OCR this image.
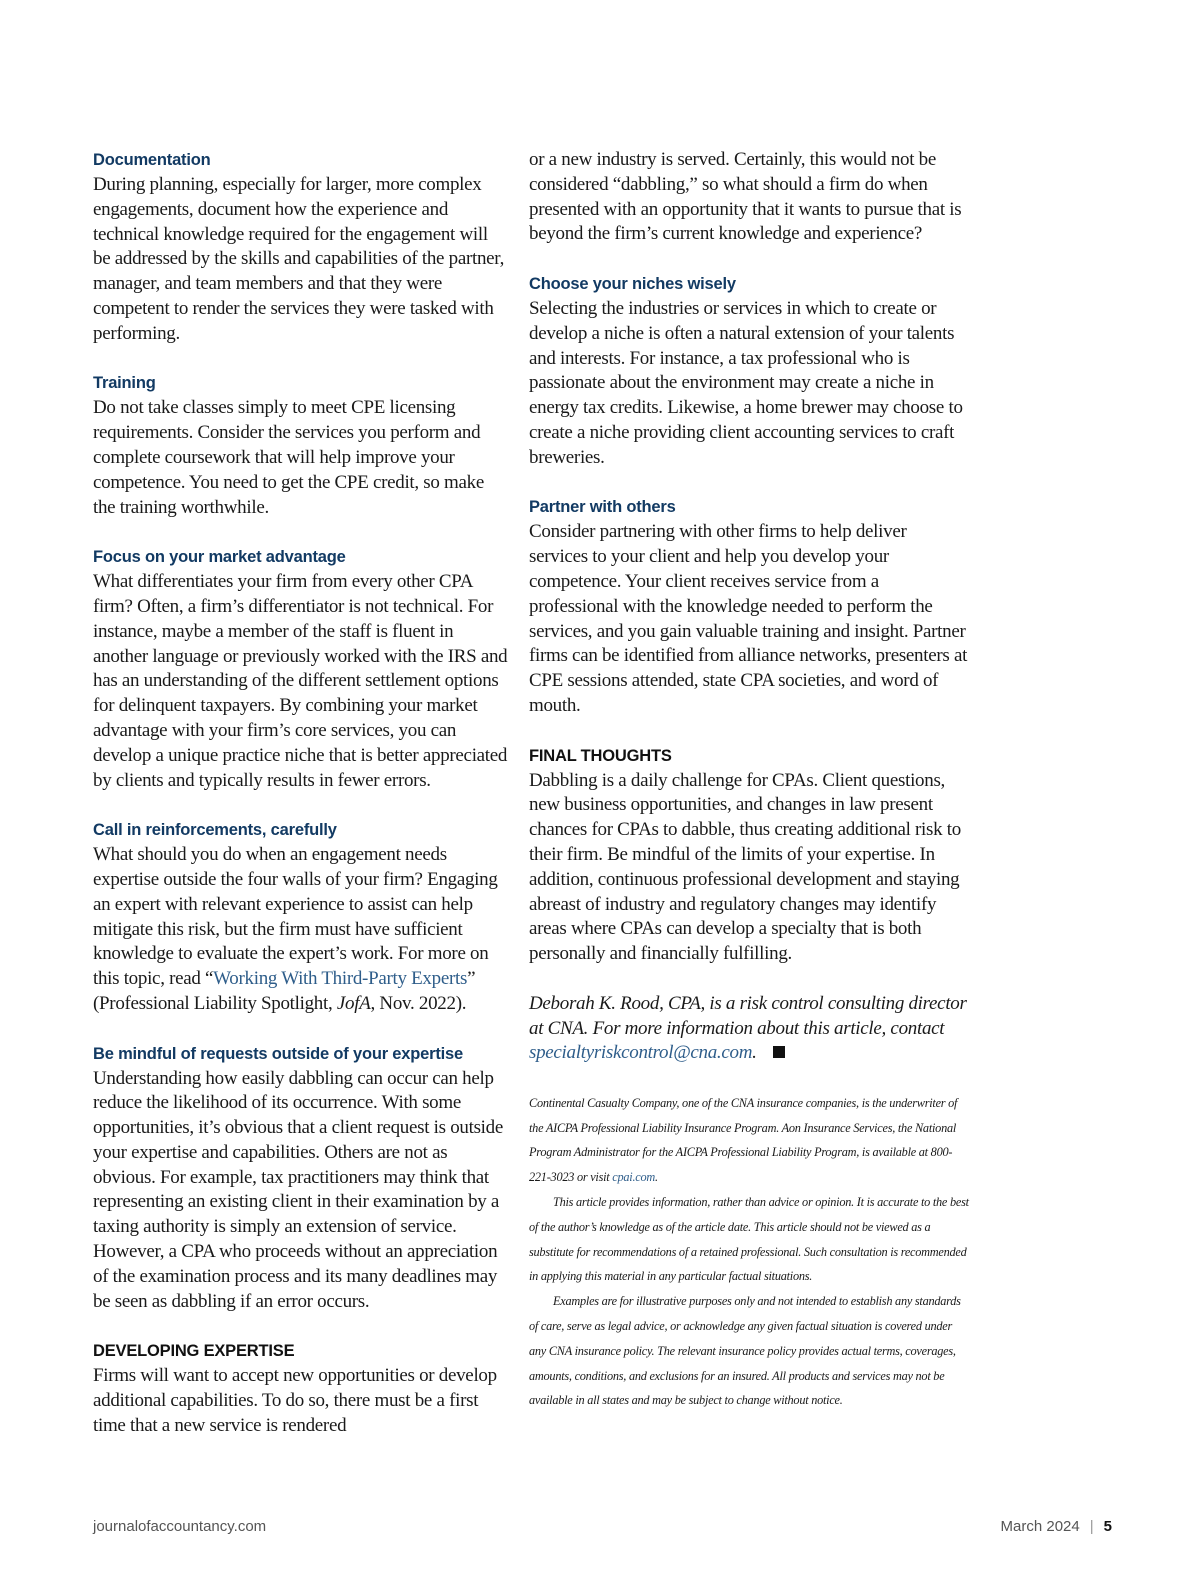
Documentation

During planning, especially for larger, more complex engagements, document how the experience and technical knowledge required for the engagement will be addressed by the skills and capabilities of the partner, manager, and team members and that they were competent to render the services they were tasked with performing.

Training

Do not take classes simply to meet CPE licensing requirements. Consider the services you perform and complete coursework that will help improve your competence. You need to get the CPE credit, so make the training worthwhile.

Focus on your market advantage

What differentiates your firm from every other CPA firm? Often, a firm’s differentiator is not technical. For instance, maybe a member of the staff is fluent in another language or previously worked with the IRS and has an understanding of the different settlement options for delinquent taxpayers. By combining your market advantage with your firm’s core services, you can develop a unique practice niche that is better appreciated by clients and typically results in fewer errors.

Call in reinforcements, carefully

What should you do when an engagement needs expertise outside the four walls of your firm? Engaging an expert with relevant experience to assist can help mitigate this risk, but the firm must have sufficient knowledge to evaluate the expert’s work. For more on this topic, read “Working With Third-Party Experts” (Professional Liability Spotlight, JofA, Nov. 2022).

Be mindful of requests outside of your expertise

Understanding how easily dabbling can occur can help reduce the likelihood of its occurrence. With some opportunities, it’s obvious that a client request is outside your expertise and capabilities. Others are not as obvious. For example, tax practitioners may think that representing an existing client in their examination by a taxing authority is simply an extension of service. However, a CPA who proceeds without an appreciation of the examination process and its many deadlines may be seen as dabbling if an error occurs.

DEVELOPING EXPERTISE

Firms will want to accept new opportunities or develop additional capabilities. To do so, there must be a first time that a new service is rendered

or a new industry is served. Certainly, this would not be considered “dabbling,” so what should a firm do when presented with an opportunity that it wants to pursue that is beyond the firm’s current knowledge and experience?

Choose your niches wisely

Selecting the industries or services in which to create or develop a niche is often a natural extension of your talents and interests. For instance, a tax professional who is passionate about the environment may create a niche in energy tax credits. Likewise, a home brewer may choose to create a niche providing client accounting services to craft breweries.

Partner with others

Consider partnering with other firms to help deliver services to your client and help you develop your competence. Your client receives service from a professional with the knowledge needed to perform the services, and you gain valuable training and insight. Partner firms can be identified from alliance networks, presenters at CPE sessions attended, state CPA societies, and word of mouth.

FINAL THOUGHTS

Dabbling is a daily challenge for CPAs. Client questions, new business opportunities, and changes in law present chances for CPAs to dabble, thus creating additional risk to their firm. Be mindful of the limits of your expertise. In addition, continuous professional development and staying abreast of industry and regulatory changes may identify areas where CPAs can develop a specialty that is both personally and financially fulfilling.

Deborah K. Rood, CPA, is a risk control consulting director at CNA. For more information about this article, contact specialtyriskcontrol@cna.com.

Continental Casualty Company, one of the CNA insurance companies, is the underwriter of the AICPA Professional Liability Insurance Program. Aon Insurance Services, the National Program Administrator for the AICPA Professional Liability Program, is available at 800-221-3023 or visit cpai.com.

This article provides information, rather than advice or opinion. It is accurate to the best of the author’s knowledge as of the article date. This article should not be viewed as a substitute for recommendations of a retained professional. Such consultation is recommended in applying this material in any particular factual situations.

Examples are for illustrative purposes only and not intended to establish any standards of care, serve as legal advice, or acknowledge any given factual situation is covered under any CNA insurance policy. The relevant insurance policy provides actual terms, coverages, amounts, conditions, and exclusions for an insured. All products and services may not be available in all states and may be subject to change without notice.

journalofaccountancy.com	March 2024 | 5
